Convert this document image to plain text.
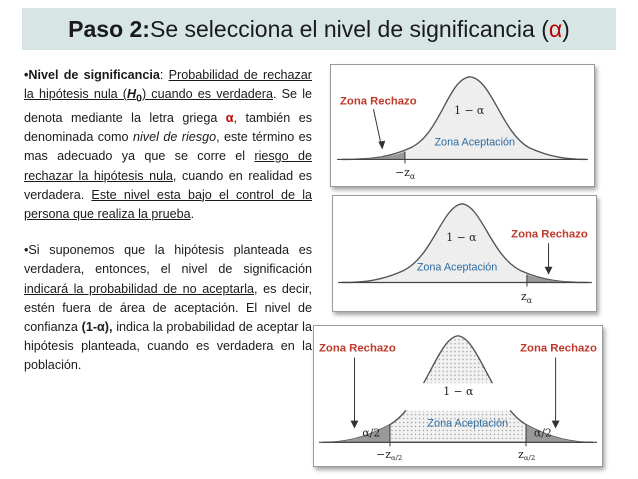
Paso 2: Se selecciona el nivel de significancia ( α )

•Nivel de significancia: Probabilidad de rechazar la hipótesis nula $(H_0)$ cuando es verdadera. Se le denota mediante la letra griega α, también es denominada como nivel de riesgo, este término es mas adecuado ya que se corre el riesgo de rechazar la hipótesis nula, cuando en realidad es verdadera. Este nivel esta bajo el control de la persona que realiza la prueba.

•Si suponemos que la hipótesis planteada es verdadera, entonces, el nivel de significación indicará la probabilidad de no aceptarla, es decir, estén fuera de área de aceptación. El nivel de confianza (1-α), indica la probabilidad de aceptar la hipótesis planteada, cuando es verdadera en la población.

Zona Rechazo
1 − α
Zona Aceptación
$-z_\alpha$
Zona Rechazo
1 − α
Zona Aceptación
$z_\alpha$
Zona Rechazo	Zona Rechazo
1 − α
Zona Aceptación
α/2	α/2
−zα/2	zα/2
